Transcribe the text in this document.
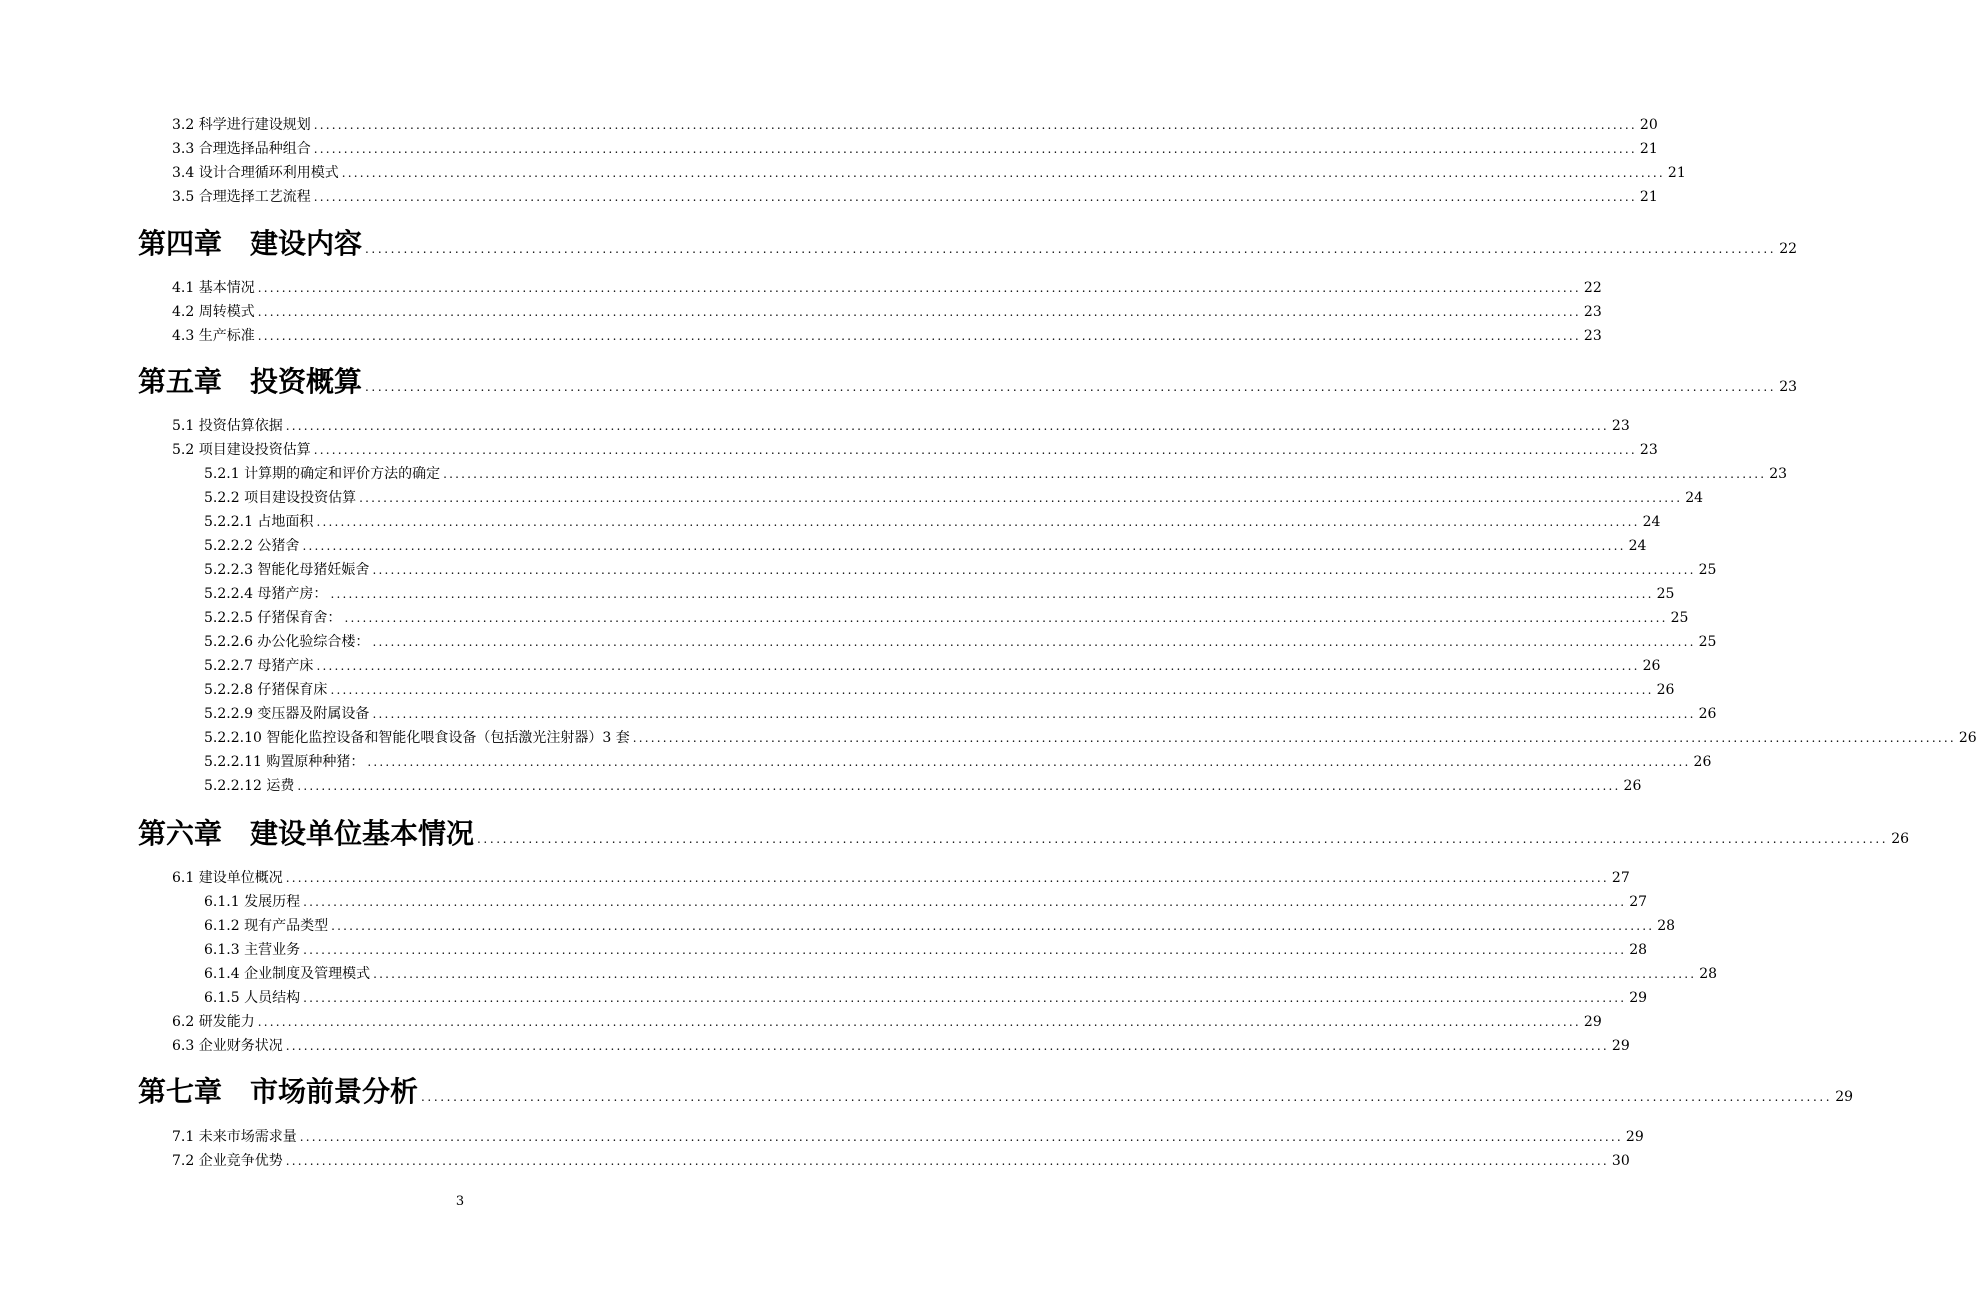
3.2 科学进行建设规划 ............................................................................................................................................................................................................................ 20
3.3 合理选择品种组合 ............................................................................................................................................................................................................................ 21
3.4 设计合理循环利用模式 ............................................................................................................................................................................................................................ 21
3.5 合理选择工艺流程 ............................................................................................................................................................................................................................ 21
第四章　建设内容 ............................................................................................................................................................................................................................ 22
4.1 基本情况 ............................................................................................................................................................................................................................ 22
4.2 周转模式 ............................................................................................................................................................................................................................ 23
4.3 生产标准 ............................................................................................................................................................................................................................ 23
第五章　投资概算 ............................................................................................................................................................................................................................ 23
5.1 投资估算依据 ............................................................................................................................................................................................................................ 23
5.2 项目建设投资估算 ............................................................................................................................................................................................................................ 23
5.2.1 计算期的确定和评价方法的确定 ............................................................................................................................................................................................................................ 23
5.2.2 项目建设投资估算 ............................................................................................................................................................................................................................ 24
5.2.2.1 占地面积 ............................................................................................................................................................................................................................ 24
5.2.2.2 公猪舍 ............................................................................................................................................................................................................................ 24
5.2.2.3 智能化母猪妊娠舍 ............................................................................................................................................................................................................................ 25
5.2.2.4 母猪产房： ............................................................................................................................................................................................................................ 25
5.2.2.5 仔猪保育舍： ............................................................................................................................................................................................................................ 25
5.2.2.6 办公化验综合楼： ............................................................................................................................................................................................................................ 25
5.2.2.7 母猪产床 ............................................................................................................................................................................................................................ 26
5.2.2.8 仔猪保育床 ............................................................................................................................................................................................................................ 26
5.2.2.9 变压器及附属设备 ............................................................................................................................................................................................................................ 26
5.2.2.10 智能化监控设备和智能化喂食设备（包括激光注射器）3 套 ............................................................................................................................................................................................................................ 26
5.2.2.11 购置原种种猪： ............................................................................................................................................................................................................................ 26
5.2.2.12 运费 ............................................................................................................................................................................................................................ 26
第六章　建设单位基本情况 ............................................................................................................................................................................................................................ 26
6.1 建设单位概况 ............................................................................................................................................................................................................................ 27
6.1.1 发展历程 ............................................................................................................................................................................................................................ 27
6.1.2 现有产品类型 ............................................................................................................................................................................................................................ 28
6.1.3 主营业务 ............................................................................................................................................................................................................................ 28
6.1.4 企业制度及管理模式 ............................................................................................................................................................................................................................ 28
6.1.5 人员结构 ............................................................................................................................................................................................................................ 29
6.2 研发能力 ............................................................................................................................................................................................................................ 29
6.3 企业财务状况 ............................................................................................................................................................................................................................ 29
第七章　市场前景分析 ............................................................................................................................................................................................................................ 29
7.1 未来市场需求量 ............................................................................................................................................................................................................................ 29
7.2 企业竞争优势 ............................................................................................................................................................................................................................ 30
3
